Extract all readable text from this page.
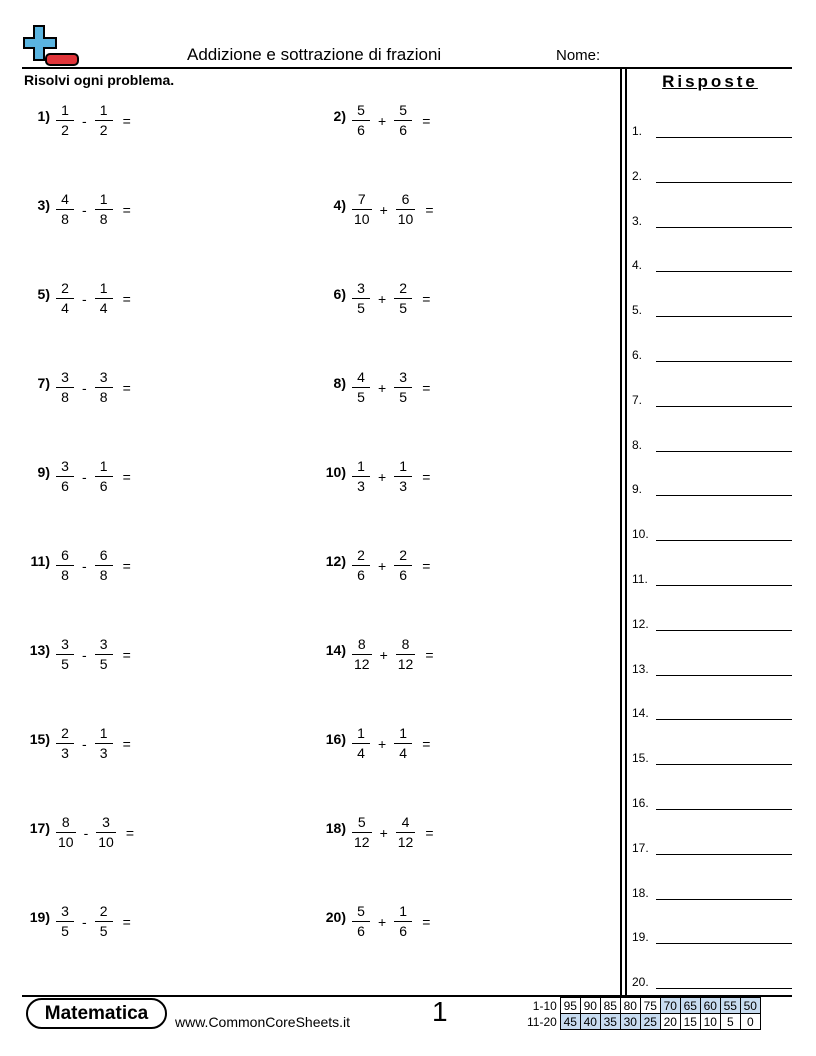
Addizione e sottrazione di frazioni	Nome:
Risolvi ogni problema.	Risposte
1.
2.
3.
4.
5.
6.
7.
8.
9.
10.
11.
12.
13.
14.
15.
16.
17.
18.
19.
20.
$1) \frac{1}{2} - \frac{1}{2}$ =	$2) \frac{5}{6} + \frac{5}{6}$ =
$3) \frac{4}{8} - \frac{1}{8}$ =	$4) \frac{7}{10} + \frac{6}{10}$ =
$5) \frac{2}{4} - \frac{1}{4}$ =	$6) \frac{3}{5} + \frac{2}{5}$ =
$7) \frac{3}{8} - \frac{3}{8}$ =	$8) \frac{4}{5} + \frac{3}{5}$ =
$9) \frac{3}{6} - \frac{1}{6}$ =	$10) \frac{1}{3} + \frac{1}{3}$ =
$11) \frac{6}{8} - \frac{6}{8}$ =	$12) \frac{2}{6} + \frac{2}{6}$ =
$13) \frac{3}{5} - \frac{3}{5}$ =	$14) \frac{8}{12} + \frac{8}{12}$ =
$15) \frac{2}{3} - \frac{1}{3}$ =	$16) \frac{1}{4} + \frac{1}{4}$ =
$17) \frac{8}{10} - \frac{3}{10}$ =	$18) \frac{5}{12} + \frac{4}{12}$ =
$19) \frac{3}{5} - \frac{2}{5}$ =	$20) \frac{5}{6} + \frac{1}{6}$ =
Matematica	www.CommonCoreSheets.it	1	1-10	95	90	85	80	75	70	65	60	55	50
11-20	45	40	35	30	25	20	15	10	5	0
